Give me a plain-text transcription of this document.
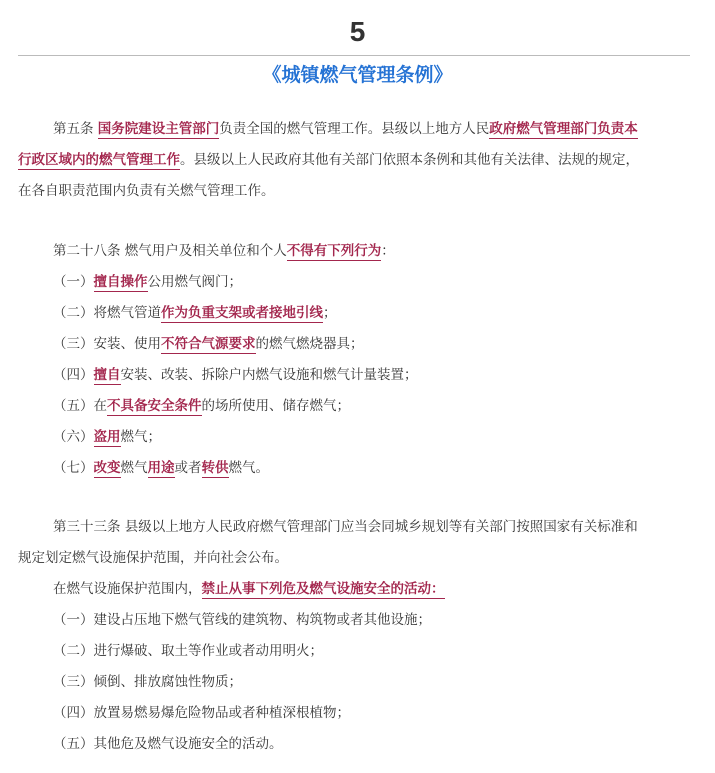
5
《城镇燃气管理条例》
第五条 国务院建设主管部门负责全国的燃气管理工作。县级以上地方人民政府燃气管理部门负责本
行政区域内的燃气管理工作。县级以上人民政府其他有关部门依照本条例和其他有关法律、法规的规定，
在各自职责范围内负责有关燃气管理工作。
第二十八条 燃气用户及相关单位和个人不得有下列行为：
（一）擅自操作公用燃气阀门；
（二）将燃气管道作为负重支架或者接地引线；
（三）安装、使用不符合气源要求的燃气燃烧器具；
（四）擅自安装、改装、拆除户内燃气设施和燃气计量装置；
（五）在不具备安全条件的场所使用、储存燃气；
（六）盗用燃气；
（七）改变燃气用途或者转供燃气。
第三十三条 县级以上地方人民政府燃气管理部门应当会同城乡规划等有关部门按照国家有关标准和
规定划定燃气设施保护范围，并向社会公布。
在燃气设施保护范围内，禁止从事下列危及燃气设施安全的活动：
（一）建设占压地下燃气管线的建筑物、构筑物或者其他设施；
（二）进行爆破、取土等作业或者动用明火；
（三）倾倒、排放腐蚀性物质；
（四）放置易燃易爆危险物品或者种植深根植物；
（五）其他危及燃气设施安全的活动。
